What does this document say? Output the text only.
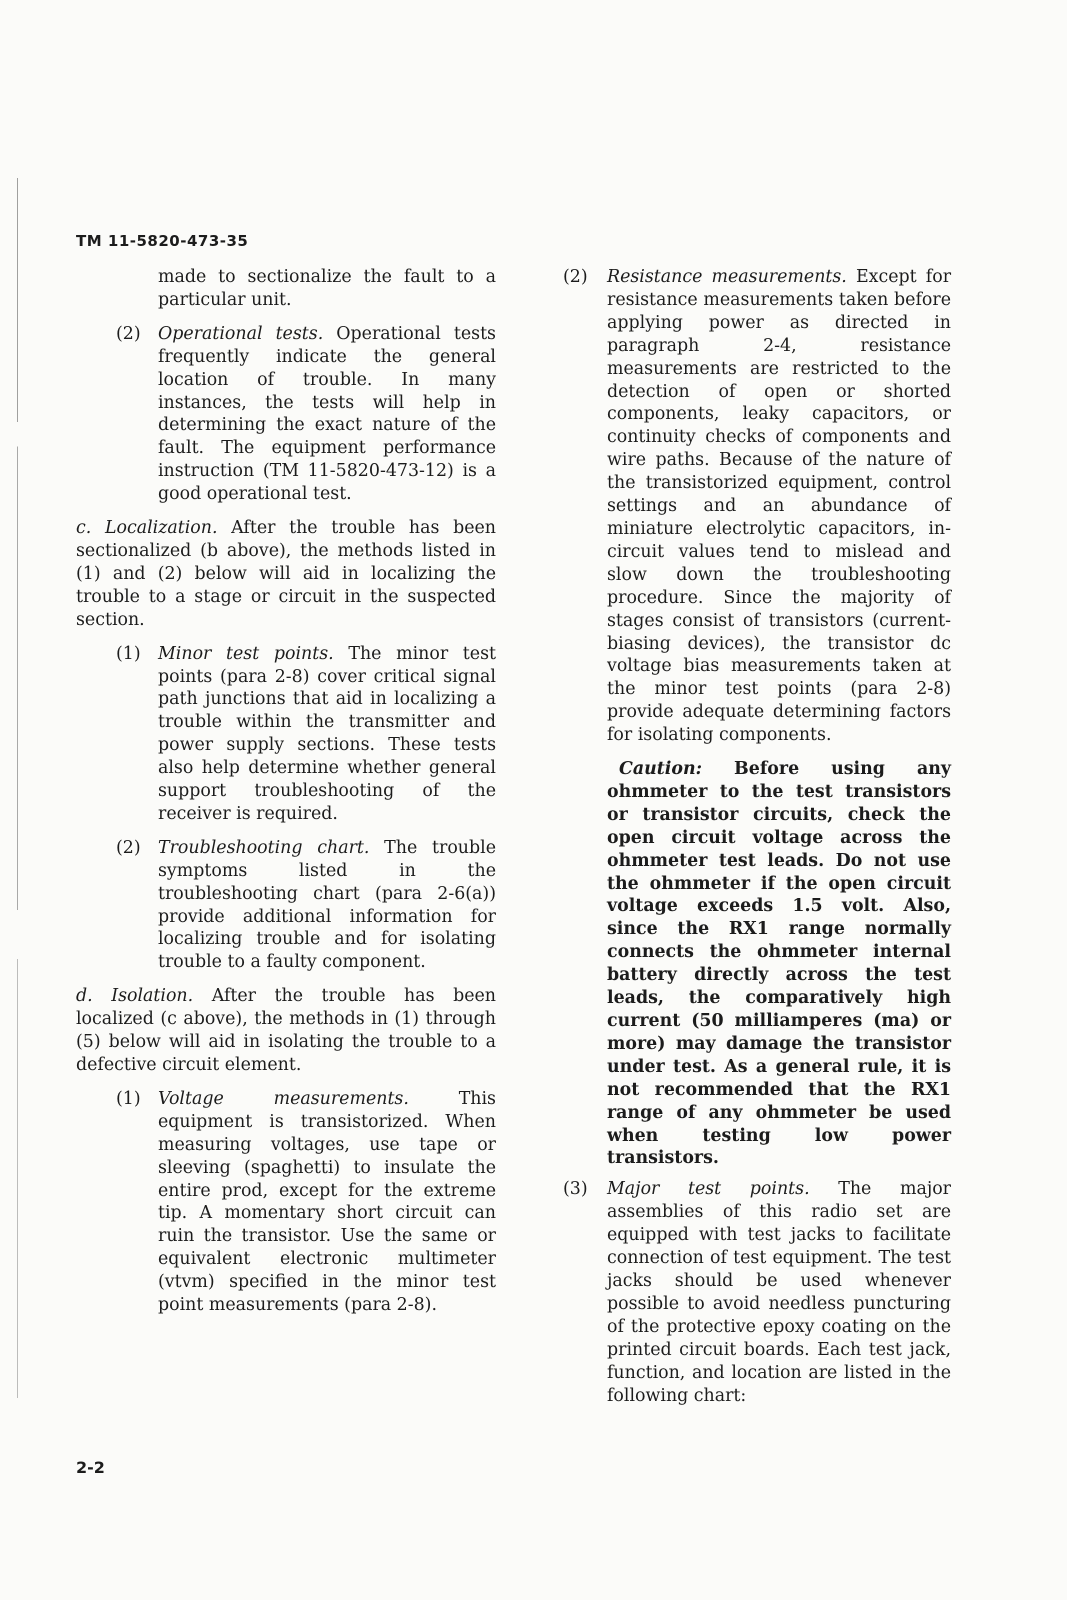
TM 11-5820-473-35

made to sectionalize the fault to a particular unit.

(2) Operational tests. Operational tests frequently indicate the general location of trouble. In many instances, the tests will help in determining the exact nature of the fault. The equipment performance instruction (TM 11-5820-473-12) is a good operational test.

c. Localization. After the trouble has been sectionalized (b above), the methods listed in (1) and (2) below will aid in localizing the trouble to a stage or circuit in the suspected section.

(1) Minor test points. The minor test points (para 2-8) cover critical signal path junctions that aid in localizing a trouble within the transmitter and power supply sections. These tests also help determine whether general support troubleshooting of the receiver is required.

(2) Troubleshooting chart. The trouble symptoms listed in the troubleshooting chart (para 2-6(a)) provide additional information for localizing trouble and for isolating trouble to a faulty component.

d. Isolation. After the trouble has been localized (c above), the methods in (1) through (5) below will aid in isolating the trouble to a defective circuit element.

(1) Voltage measurements. This equipment is transistorized. When measuring voltages, use tape or sleeving (spaghetti) to insulate the entire prod, except for the extreme tip. A momentary short circuit can ruin the transistor. Use the same or equivalent electronic multimeter (vtvm) specified in the minor test point measurements (para 2-8).

(2) Resistance measurements. Except for resistance measurements taken before applying power as directed in paragraph 2-4, resistance measurements are restricted to the detection of open or shorted components, leaky capacitors, or continuity checks of components and wire paths. Because of the nature of the transistorized equipment, control settings and an abundance of miniature electrolytic capacitors, in-circuit values tend to mislead and slow down the troubleshooting procedure. Since the majority of stages consist of transistors (current-biasing devices), the transistor dc voltage bias measurements taken at the minor test points (para 2-8) provide adequate determining factors for isolating components.

Caution: Before using any ohmmeter to the test transistors or transistor circuits, check the open circuit voltage across the ohmmeter test leads. Do not use the ohmmeter if the open circuit voltage exceeds 1.5 volt. Also, since the RX1 range normally connects the ohmmeter internal battery directly across the test leads, the comparatively high current (50 milliamperes (ma) or more) may damage the transistor under test. As a general rule, it is not recommended that the RX1 range of any ohmmeter be used when testing low power transistors.

(3) Major test points. The major assemblies of this radio set are equipped with test jacks to facilitate connection of test equipment. The test jacks should be used whenever possible to avoid needless puncturing of the protective epoxy coating on the printed circuit boards. Each test jack, function, and location are listed in the following chart:

2-2
